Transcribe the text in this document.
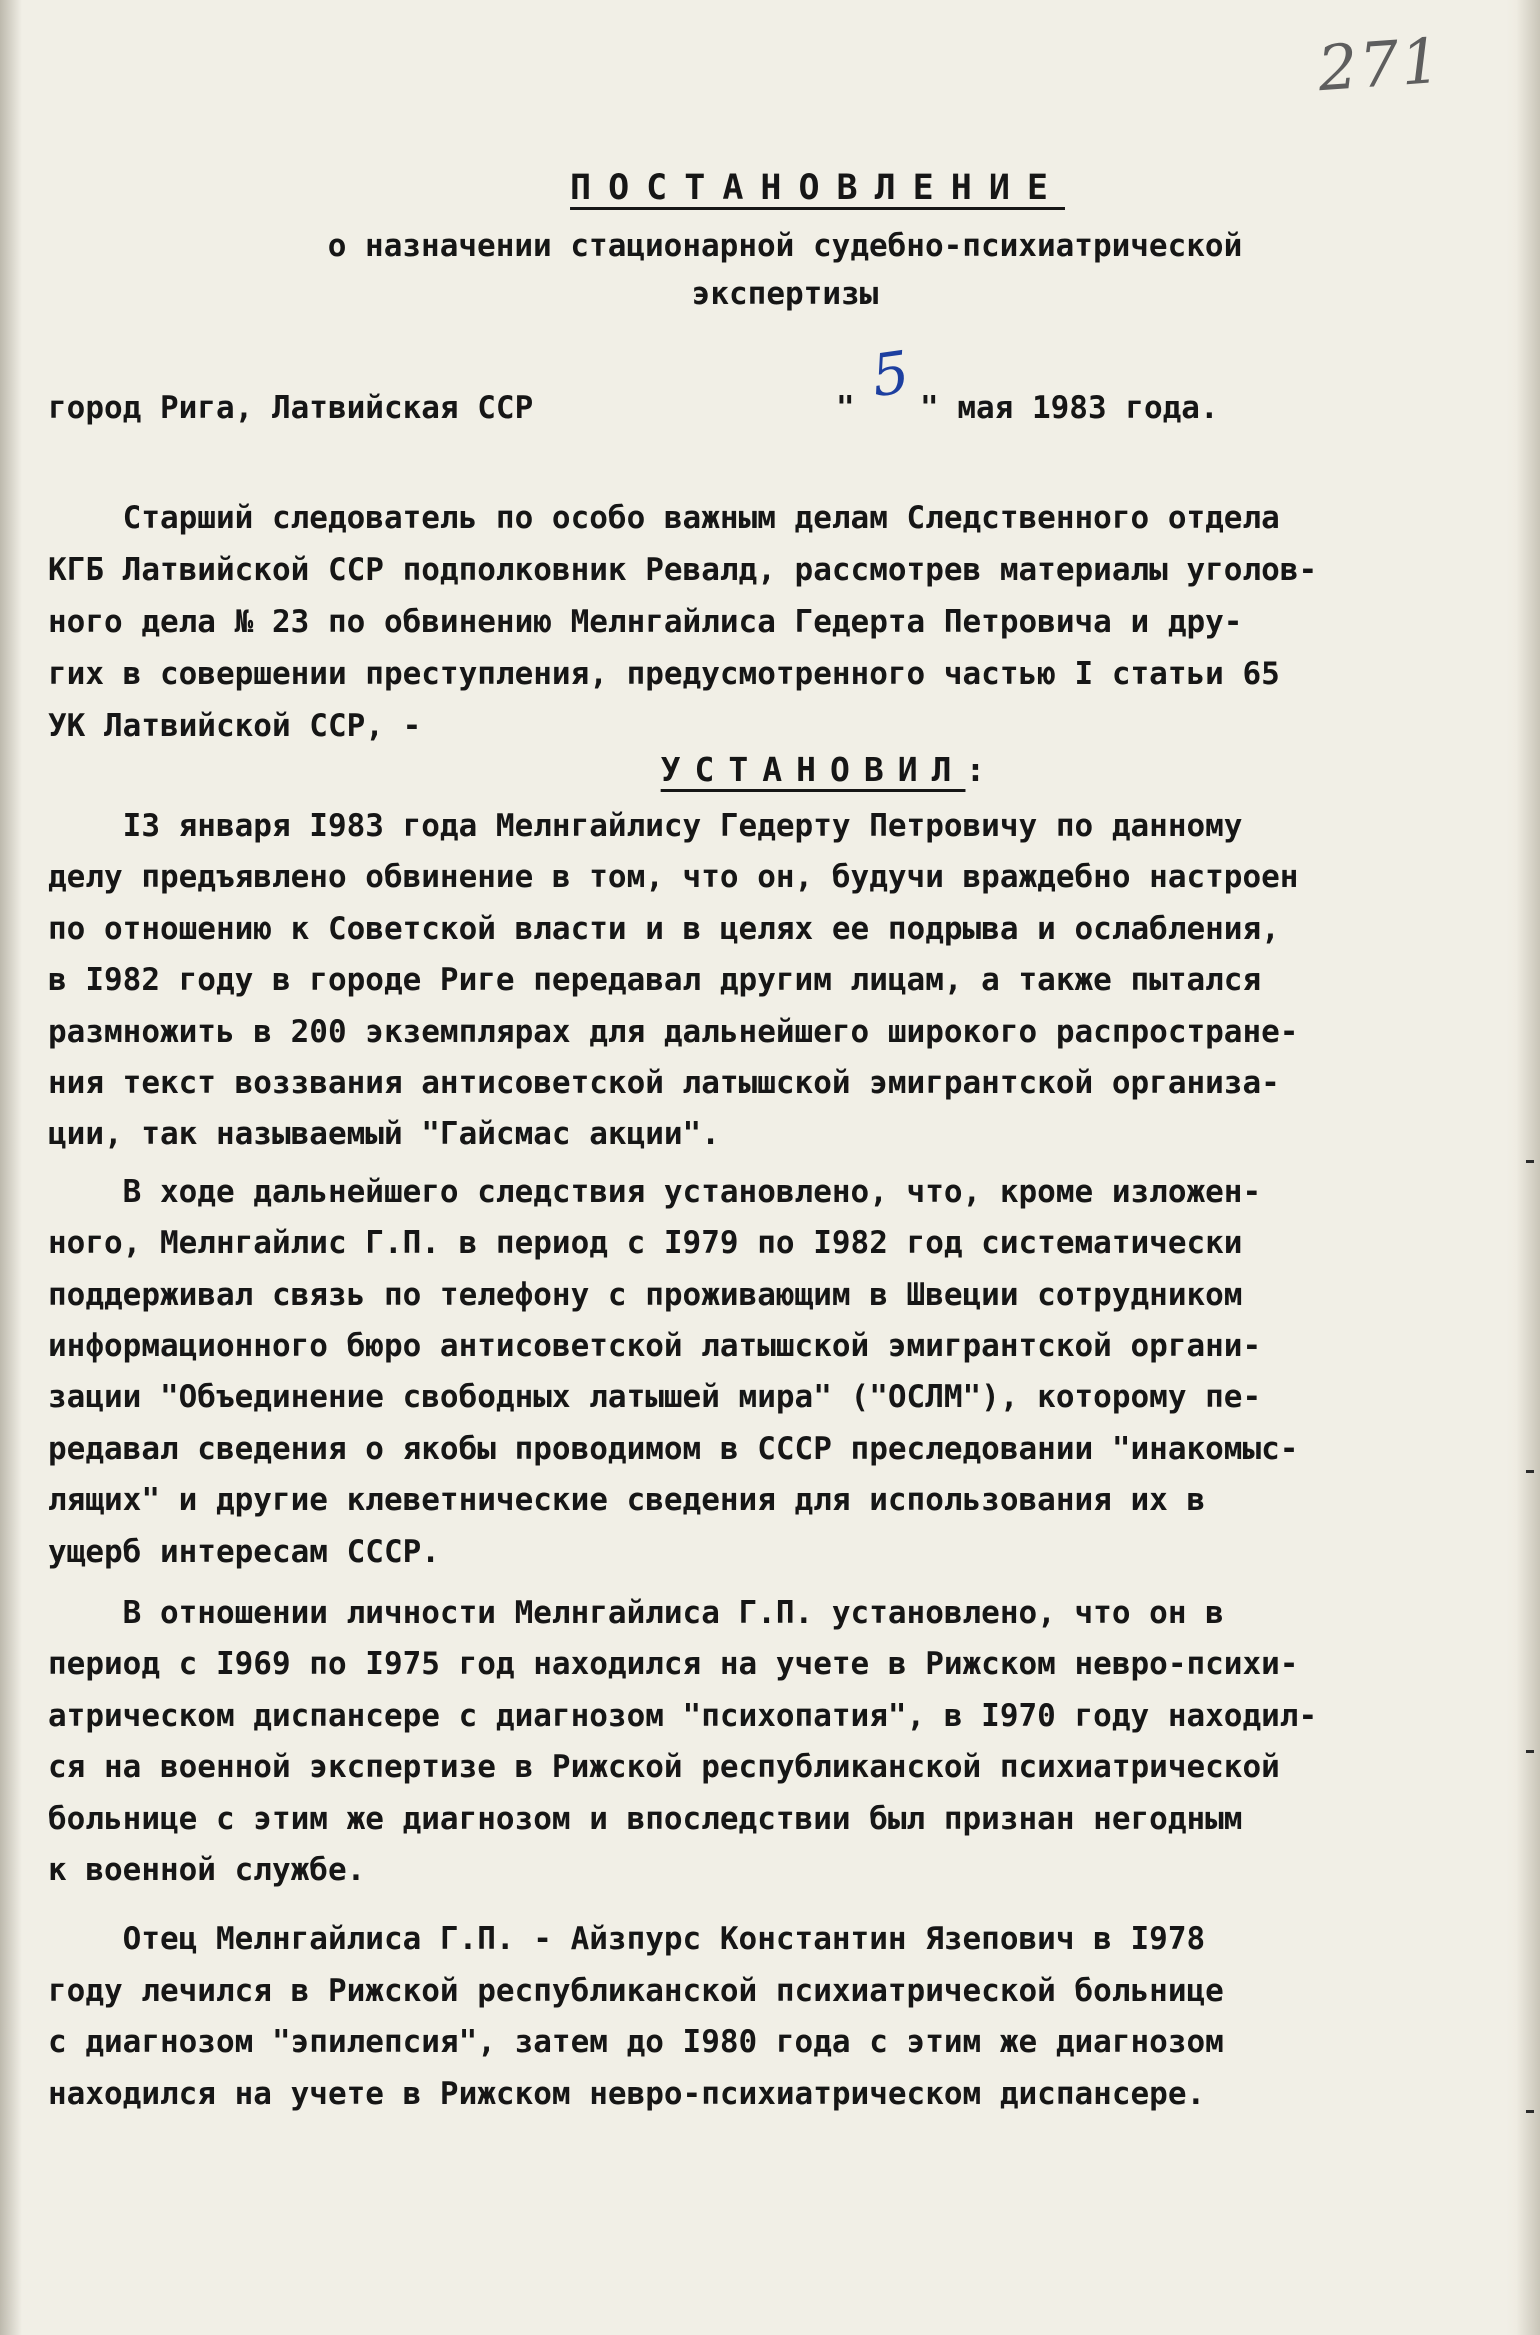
271
ПОСТАНОВЛЕНИЕ
о назначении стационарной судебно-психиатрической
экспертизы
город Рига, Латвийская ССР	" 5 " мая 1983 года.
Старший следователь по особо важным делам Следственного отдела
КГБ Латвийской ССР подполковник Ревалд, рассмотрев материалы уголов-
ного дела № 23 по обвинению Мелнгайлиса Гедерта Петровича и дру-
гих в совершении преступления, предусмотренного частью I статьи 65
УК Латвийской ССР, -
УСТАНОВИЛ:
I3 января I983 года Мелнгайлису Гедерту Петровичу по данному
делу предъявлено обвинение в том, что он, будучи враждебно настроен
по отношению к Советской власти и в целях ее подрыва и ослабления,
в I982 году в городе Риге передавал другим лицам, а также пытался
размножить в 200 экземплярах для дальнейшего широкого распростране-
ния текст воззвания антисоветской латышской эмигрантской организа-
ции, так называемый "Гайсмас акции".
В ходе дальнейшего следствия установлено, что, кроме изложен-
ного, Мелнгайлис Г.П. в период с I979 по I982 год систематически
поддерживал связь по телефону с проживающим в Швеции сотрудником
информационного бюро антисоветской латышской эмигрантской органи-
зации "Объединение свободных латышей мира" ("ОСЛМ"), которому пе-
редавал сведения о якобы проводимом в СССР преследовании "инакомыс-
лящих" и другие клеветнические сведения для использования их в
ущерб интересам СССР.
В отношении личности Мелнгайлиса Г.П. установлено, что он в
период с I969 по I975 год находился на учете в Рижском невро-психи-
атрическом диспансере с диагнозом "психопатия", в I970 году находил-
ся на военной экспертизе в Рижской республиканской психиатрической
больнице с этим же диагнозом и впоследствии был признан негодным
к военной службе.
Отец Мелнгайлиса Г.П. - Айзпурс Константин Язепович в I978
году лечился в Рижской республиканской психиатрической больнице
с диагнозом "эпилепсия", затем до I980 года с этим же диагнозом
находился на учете в Рижском невро-психиатрическом диспансере.
